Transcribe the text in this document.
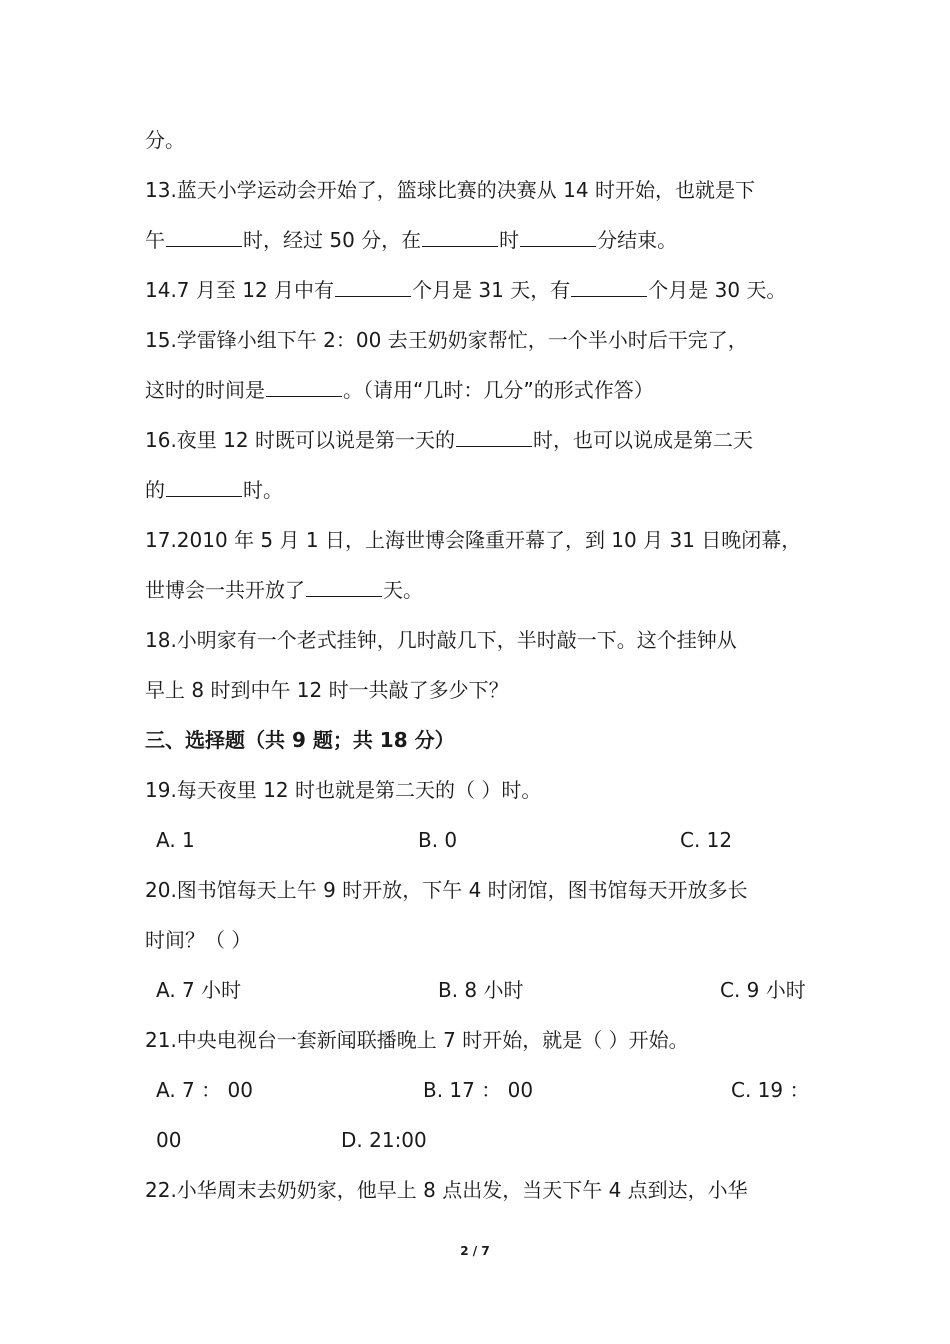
分。

13.蓝天小学运动会开始了，篮球比赛的决赛从 14 时开始，也就是下

午	时，经过 50 分，在	时	分结束。

14.7 月至 12 月中有	个月是 31 天，有	个月是 30 天。

15.学雷锋小组下午 2：00 去王奶奶家帮忙，一个半小时后干完了，

这时的时间是	。（请用“几时：几分”的形式作答）

16.夜里 12 时既可以说是第一天的	时，也可以说成是第二天

的	时。

17.2010 年 5 月 1 日，上海世博会隆重开幕了，到 10 月 31 日晚闭幕，

世博会一共开放了	天。

18.小明家有一个老式挂钟，几时敲几下，半时敲一下。这个挂钟从

早上 8 时到中午 12 时一共敲了多少下？

三、选择题（共 9 题；共 18 分）

19.每天夜里 12 时也就是第二天的（ ）时。

A. 1	B. 0	C. 12

20.图书馆每天上午 9 时开放，下午 4 时闭馆，图书馆每天开放多长

时间？（ ）

A. 7 小时	B. 8 小时	C. 9 小时

21.中央电视台一套新闻联播晚上 7 时开始，就是（ ）开始。

A. 7 ： 00	B. 17 ： 00	C. 19 ：
00	D. 21:00

22.小华周末去奶奶家，他早上 8 点出发，当天下午 4 点到达，小华

2 / 7
